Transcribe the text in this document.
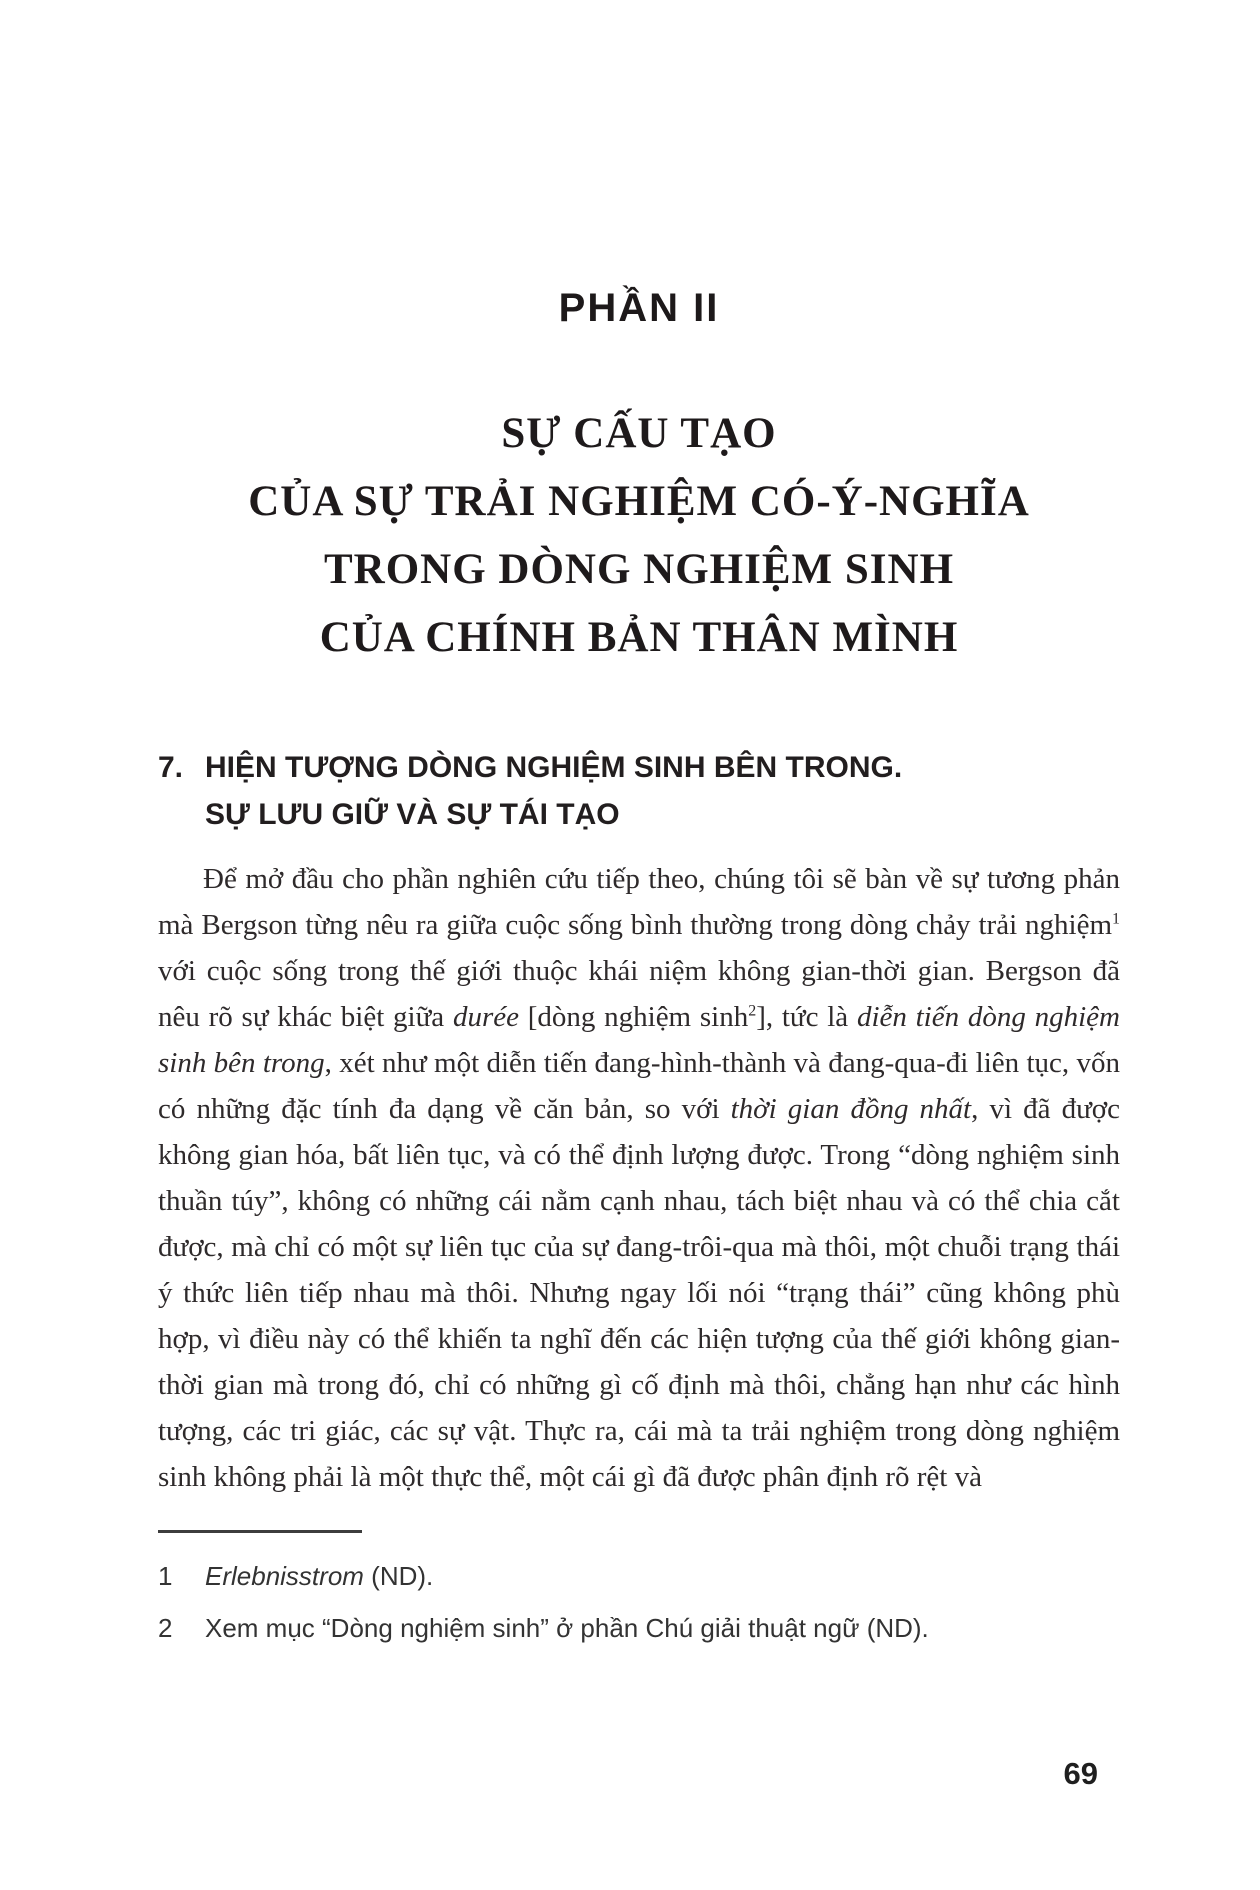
PHẦN II
SỰ CẤU TẠO
CỦA SỰ TRẢI NGHIỆM CÓ-Ý-NGHĨA
TRONG DÒNG NGHIỆM SINH
CỦA CHÍNH BẢN THÂN MÌNH
7. HIỆN TƯỢNG DÒNG NGHIỆM SINH BÊN TRONG.
SỰ LƯU GIỮ VÀ SỰ TÁI TẠO

Để mở đầu cho phần nghiên cứu tiếp theo, chúng tôi sẽ bàn về sự tương phản mà Bergson từng nêu ra giữa cuộc sống bình thường trong dòng chảy trải nghiệm$^1$ với cuộc sống trong thế giới thuộc khái niệm không gian-thời gian. Bergson đã nêu rõ sự khác biệt giữa durée [dòng nghiệm $\sinh^2$], tức là diễn tiến dòng nghiệm sinh bên trong, xét như một diễn tiến đang-hình-thành và đang-qua-đi liên tục, vốn có những đặc tính đa dạng về căn bản, so với thời gian đồng nhất, vì đã được không gian hóa, bất liên tục, và có thể định lượng được. Trong “dòng nghiệm sinh thuần túy”, không có những cái nằm cạnh nhau, tách biệt nhau và có thể chia cắt được, mà chỉ có một sự liên tục của sự đang-trôi-qua mà thôi, một chuỗi trạng thái ý thức liên tiếp nhau mà thôi. Nhưng ngay lối nói “trạng thái” cũng không phù hợp, vì điều này có thể khiến ta nghĩ đến các hiện tượng của thế giới không gian-thời gian mà trong đó, chỉ có những gì cố định mà thôi, chẳng hạn như các hình tượng, các tri giác, các sự vật. Thực ra, cái mà ta trải nghiệm trong dòng nghiệm sinh không phải là một thực thể, một cái gì đã được phân định rõ rệt và

1	Erlebnisstrom (ND).
2	Xem mục “Dòng nghiệm sinh” ở phần Chú giải thuật ngữ (ND).
69
